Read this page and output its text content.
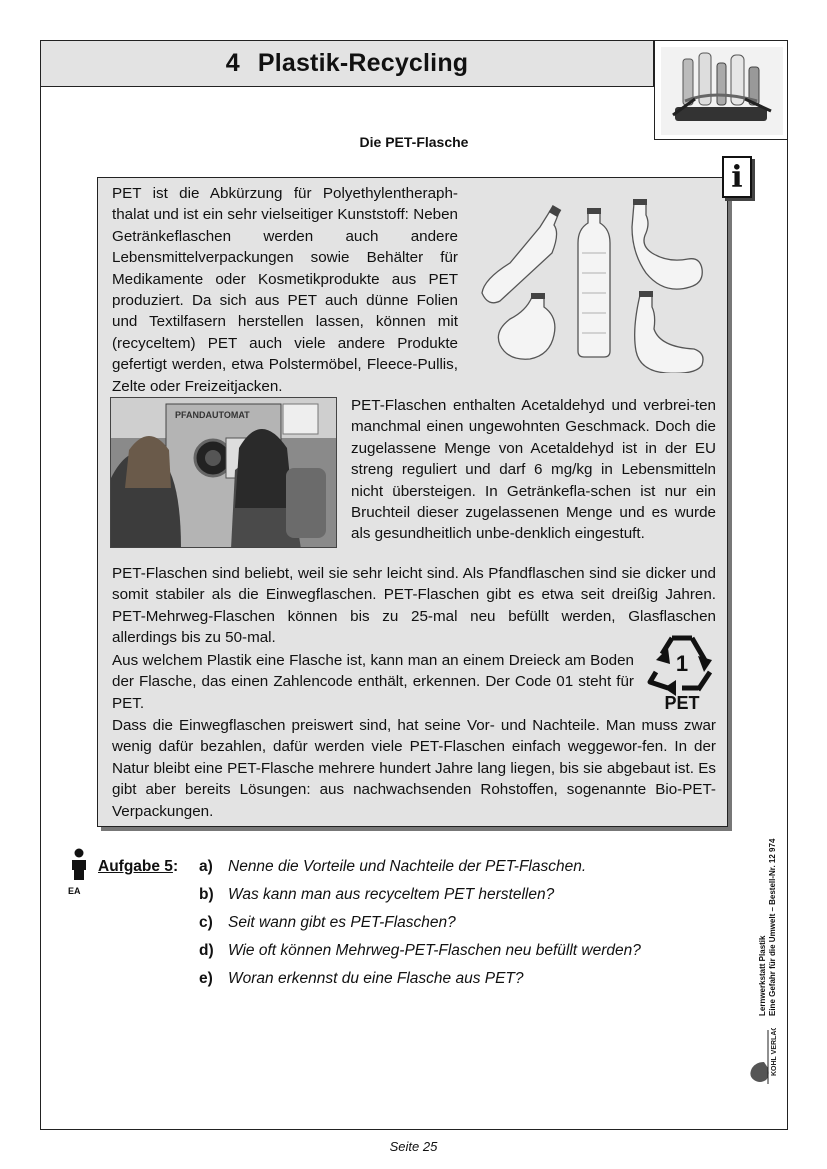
4 Plastik-Recycling
Die PET-Flasche
i

PET ist die Abkürzung für Polyethylentheraph-thalat und ist ein sehr vielseitiger Kunststoff: Neben Getränkeflaschen werden auch andere Lebensmittelverpackungen sowie Behälter für Medikamente oder Kosmetikprodukte aus PET produziert. Da sich aus PET auch dünne Folien und Textilfasern herstellen lassen, können mit (recyceltem) PET auch viele andere Produkte gefertigt werden, etwa Polstermöbel, Fleece-Pullis, Zelte oder Freizeitjacken.

PFANDAUTOMAT

PET-Flaschen enthalten Acetaldehyd und verbrei-ten manchmal einen ungewohnten Geschmack. Doch die zugelassene Menge von Acetaldehyd ist in der EU streng reguliert und darf 6 mg/kg in Lebensmitteln nicht übersteigen. In Getränkefla-schen ist nur ein Bruchteil dieser zugelassenen Menge und es wurde als gesundheitlich unbe-denklich eingestuft.

PET-Flaschen sind beliebt, weil sie sehr leicht sind. Als Pfandflaschen sind sie dicker und somit stabiler als die Einwegflaschen. PET-Flaschen gibt es etwa seit dreißig Jahren. PET-Mehrweg-Flaschen können bis zu 25-mal neu befüllt werden, Glasflaschen allerdings bis zu 50-mal.

Aus welchem Plastik eine Flasche ist, kann man an einem Dreieck am Boden der Flasche, das einen Zahlencode enthält, erkennen. Der Code 01 steht für PET.

1
PET

Dass die Einwegflaschen preiswert sind, hat seine Vor- und Nachteile. Man muss zwar wenig dafür bezahlen, dafür werden viele PET-Flaschen einfach weggewor-fen. In der Natur bleibt eine PET-Flasche mehrere hundert Jahre lang liegen, bis sie abgebaut ist. Es gibt aber bereits Lösungen: aus nachwachsenden Rohstoffen, sogenannte Bio-PET-Verpackungen.

EA
Aufgabe 5: a) Nenne die Vorteile und Nachteile der PET-Flaschen.
b) Was kann man aus recyceltem PET herstellen?
c) Seit wann gibt es PET-Flaschen?
d) Wie oft können Mehrweg-PET-Flaschen neu befüllt werden?
e) Woran erkennst du eine Flasche aus PET?	Lernwerkstatt Plastik Eine Gefahr für die Umwelt – Bestell-Nr. 12 974
KOHL VERLAG
Seite 25
